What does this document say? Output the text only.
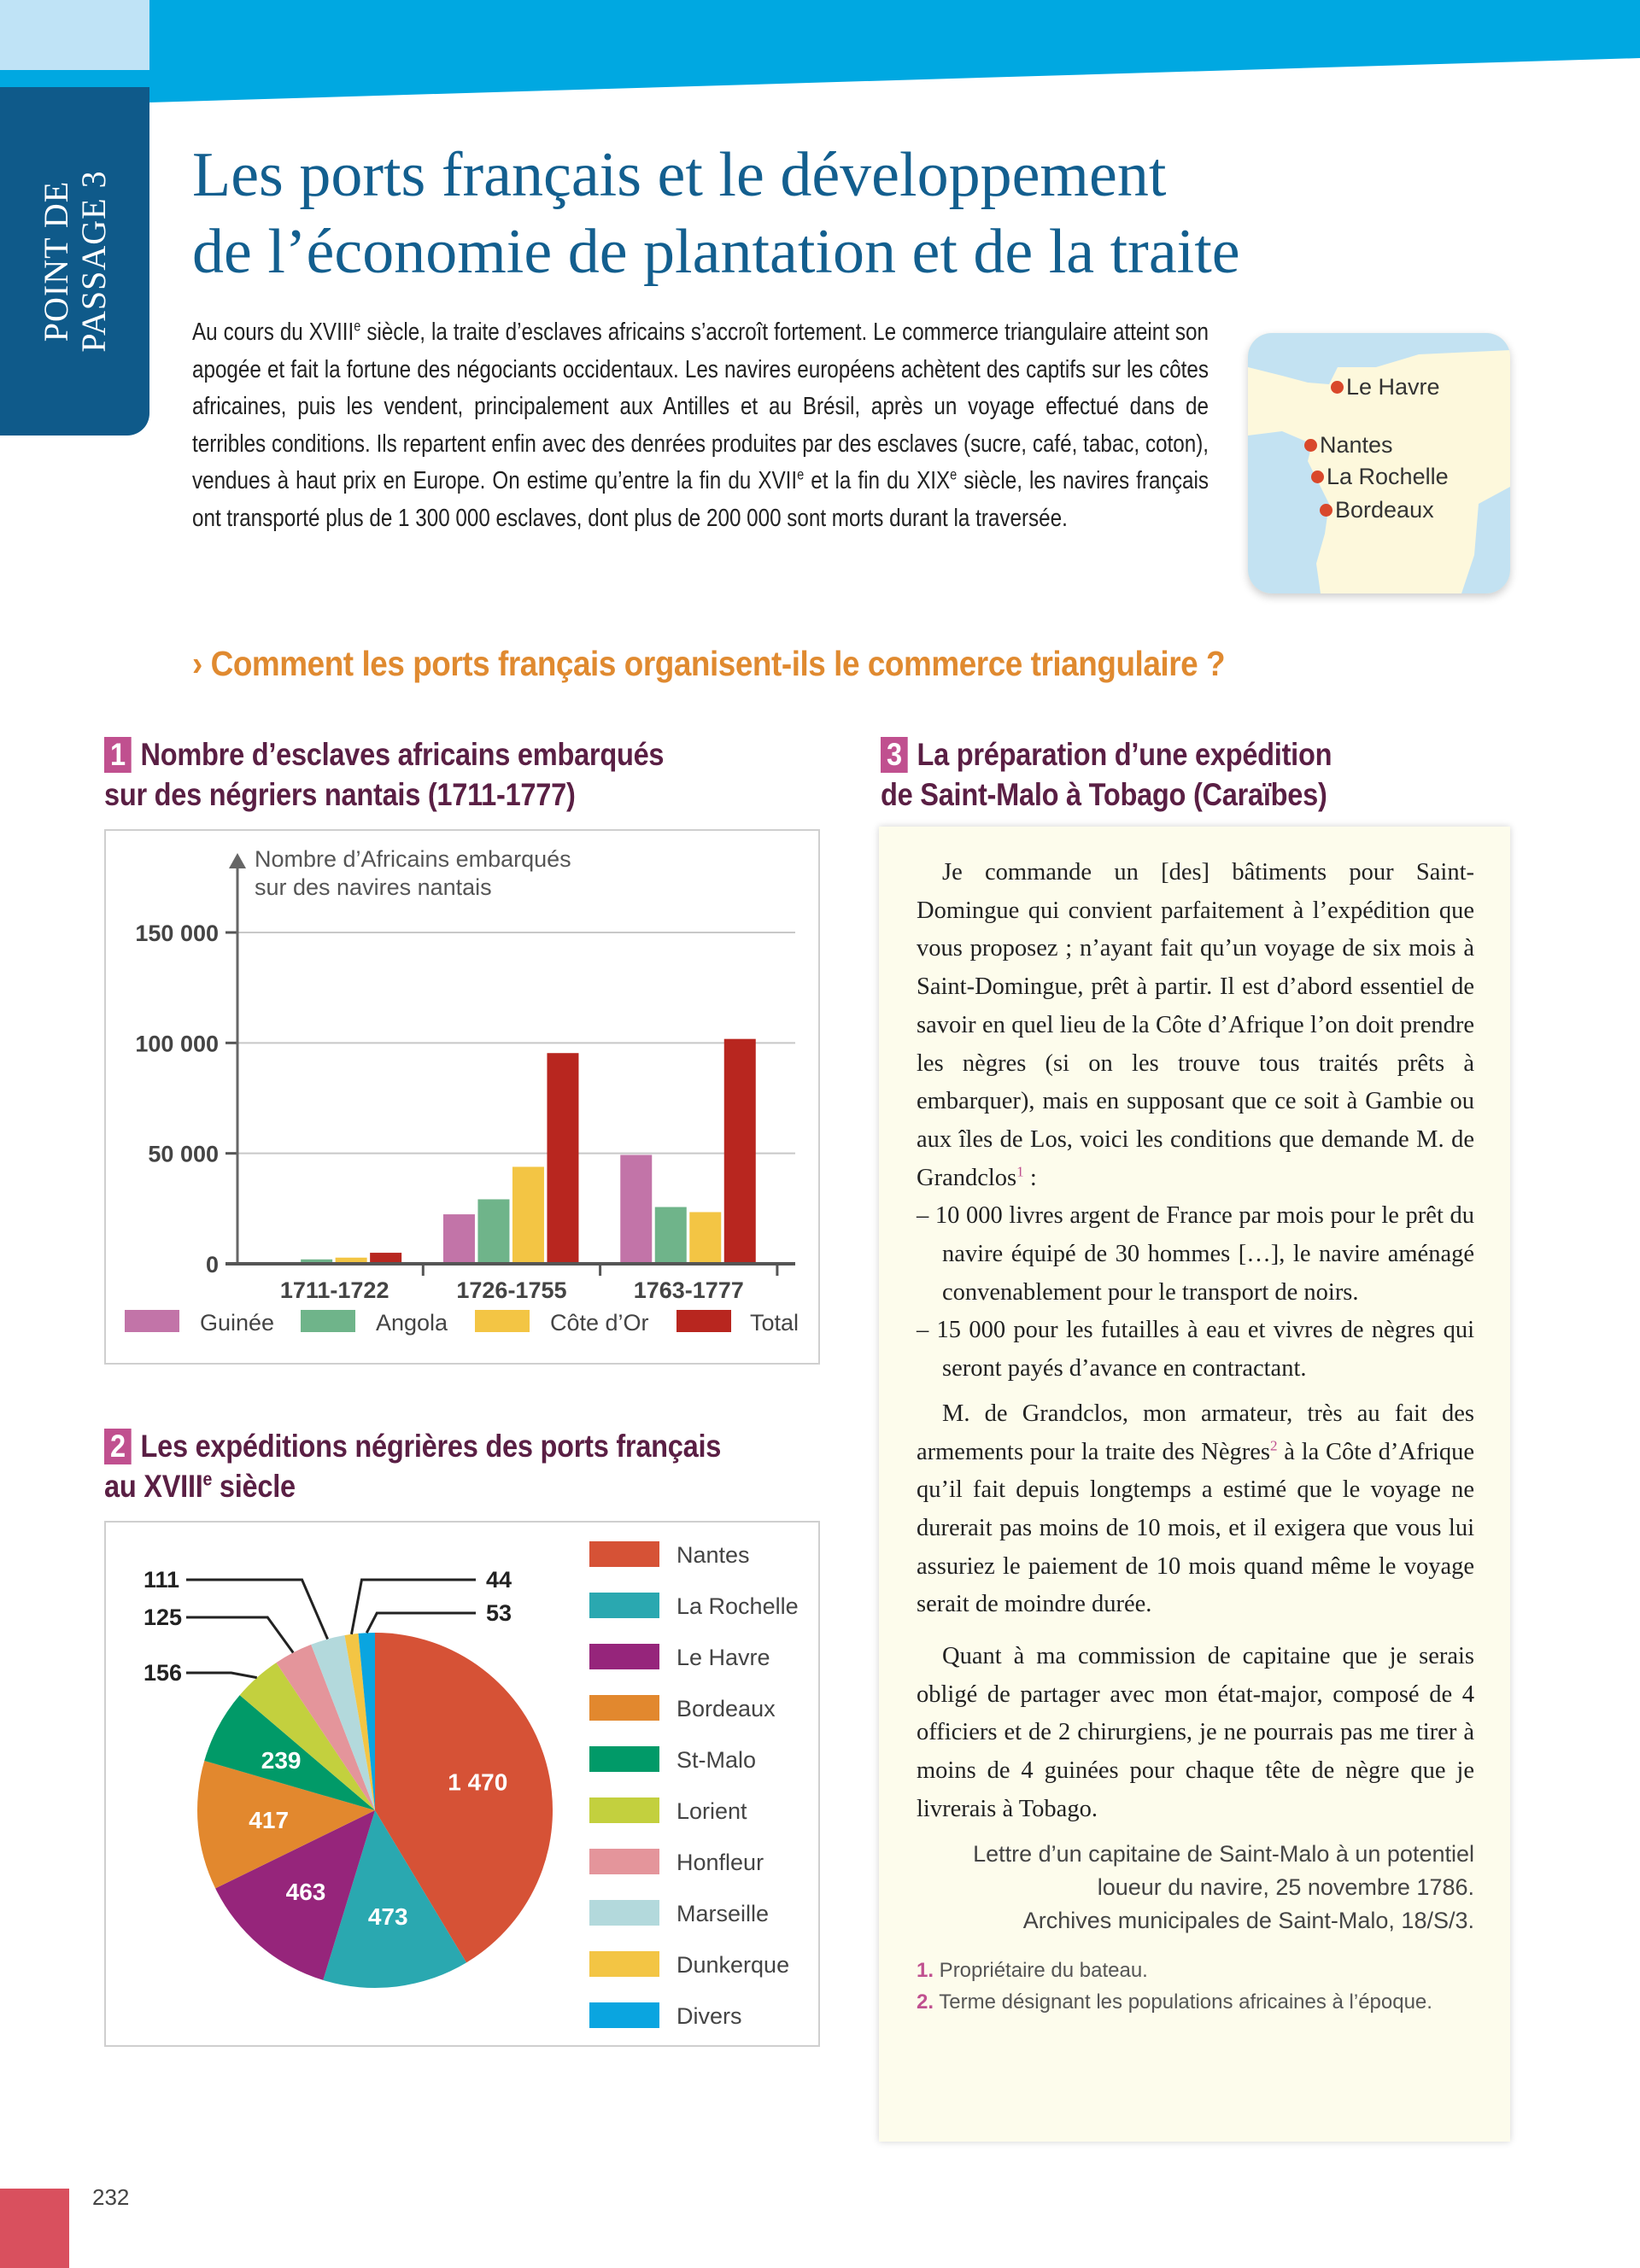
POINT DE PASSAGE 3 Les ports français et le développement
de l’économie de plantation et de la traite

Au cours du XVIIIe siècle, la traite d’esclaves africains s’accroît fortement. Le commerce triangulaire atteint son apogée et fait la fortune des négociants occidentaux. Les navires européens achètent des captifs sur les côtes africaines, puis les vendent, principalement aux Antilles et au Brésil, après un voyage effectué dans de terribles conditions. Ils repartent enfin avec des denrées produites par des esclaves (sucre, café, tabac, coton), vendues à haut prix en Europe. On estime qu’entre la fin du XVIIe et la fin du XIXe siècle, les navires français ont transporté plus de 1 300 000 esclaves, dont plus de 200 000 sont morts durant la traversée.

Le Havre
Nantes
La Rochelle
Bordeaux
› Comment les ports français organisent-ils le commerce triangulaire ?
1 Nombre d’esclaves africains embarqués
sur des négriers nantais (1711-1777)
0
50 000
100 000
150 000
Nombre d’Africains embarqués
sur des navires nantais
1711-1722	1726-1755	1763-1777
Guinée	Angola	Côte d’Or	Total
2 Les expéditions négrières des ports français
au XVIIIe siècle
1 470
473
463
417
239
156
125
111	44
53
Nantes
La Rochelle
Le Havre
Bordeaux
St-Malo
Lorient
Honfleur
Marseille
Dunkerque
Divers
3 La préparation d’une expédition
de Saint-Malo à Tobago (Caraïbes)

Je commande un [des] bâtiments pour Saint-Domingue qui convient parfaitement à l’expédition que vous proposez ; n’ayant fait qu’un voyage de six mois à Saint-Domingue, prêt à partir. Il est d’abord essentiel de savoir en quel lieu de la Côte d’Afrique l’on doit prendre les nègres (si on les trouve tous traités prêts à embarquer), mais en supposant que ce soit à Gambie ou aux îles de Los, voici les conditions que demande M. de Grandclos$^1$ :

– 10 000 livres argent de France par mois pour le prêt du navire équipé de 30 hommes […], le navire aménagé convenablement pour le transport de noirs.
– 15 000 pour les futailles à eau et vivres de nègres qui seront payés d’avance en contractant.

M. de Grandclos, mon armateur, très au fait des armements pour la traite des Nègres$^2$ à la Côte d’Afrique qu’il fait depuis longtemps a estimé que le voyage ne durerait pas moins de 10 mois, et il exigera que vous lui assuriez le paiement de 10 mois quand même le voyage serait de moindre durée.

Quant à ma commission de capitaine que je serais obligé de partager avec mon état-major, composé de 4 officiers et de 2 chirurgiens, je ne pourrais pas me tirer à moins de 4 guinées pour chaque tête de nègre que je livrerais à Tobago.

Lettre d’un capitaine de Saint-Malo à un potentiel loueur du navire, 25 novembre 1786.
Archives municipales de Saint-Malo, 18/S/3.
1. Propriétaire du bateau.
2. Terme désignant les populations africaines à l’époque.
232
